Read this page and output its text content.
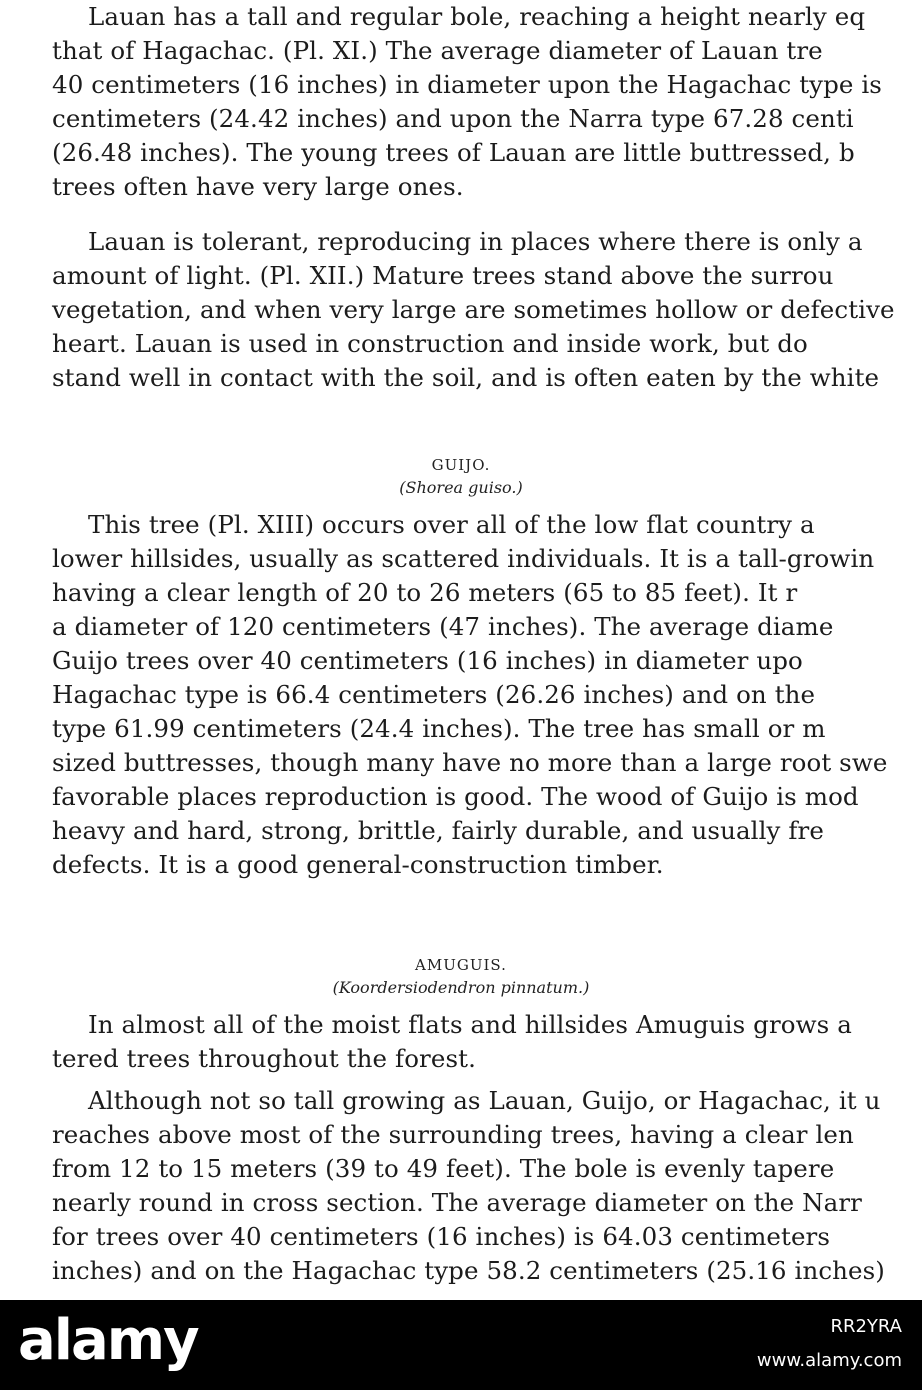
Lauan has a tall and regular bole, reaching a height nearly eq
that of Hagachac. (Pl. XI.) The average diameter of Lauan tre
40 centimeters (16 inches) in diameter upon the Hagachac type is
centimeters (24.42 inches) and upon the Narra type 67.28 centi
(26.48 inches). The young trees of Lauan are little buttressed, b
trees often have very large ones.
Lauan is tolerant, reproducing in places where there is only a
amount of light. (Pl. XII.) Mature trees stand above the surrou
vegetation, and when very large are sometimes hollow or defective
heart. Lauan is used in construction and inside work, but do
stand well in contact with the soil, and is often eaten by the white
GUIJO.
(Shorea guiso.)
This tree (Pl. XIII) occurs over all of the low flat country a
lower hillsides, usually as scattered individuals. It is a tall-growin
having a clear length of 20 to 26 meters (65 to 85 feet). It r
a diameter of 120 centimeters (47 inches). The average diame
Guijo trees over 40 centimeters (16 inches) in diameter upo
Hagachac type is 66.4 centimeters (26.26 inches) and on the
type 61.99 centimeters (24.4 inches). The tree has small or m
sized buttresses, though many have no more than a large root swe
favorable places reproduction is good. The wood of Guijo is mod
heavy and hard, strong, brittle, fairly durable, and usually fre
defects. It is a good general-construction timber.
AMUGUIS.
(Koordersiodendron pinnatum.)
In almost all of the moist flats and hillsides Amuguis grows a
tered trees throughout the forest.
Although not so tall growing as Lauan, Guijo, or Hagachac, it u
reaches above most of the surrounding trees, having a clear len
from 12 to 15 meters (39 to 49 feet). The bole is evenly tapere
nearly round in cross section. The average diameter on the Narr
for trees over 40 centimeters (16 inches) is 64.03 centimeters
inches) and on the Hagachac type 58.2 centimeters (25.16 inches)
alamy	RR2YRA
www.alamy.com
